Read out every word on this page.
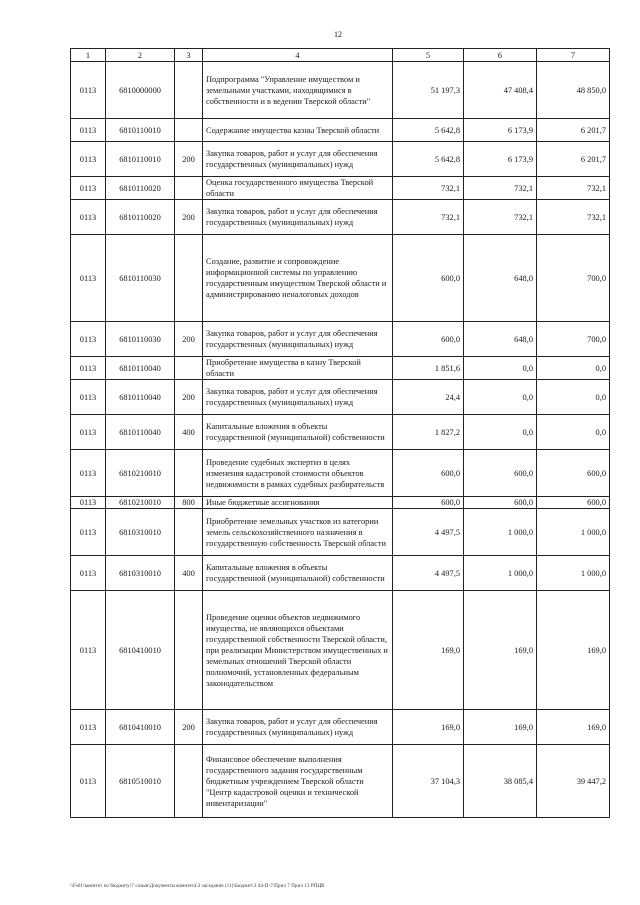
12
1	2	3	4	5	6	7
0113	6810000000		Подпрограмма "Управление имуществом и земельными участками, находящимися в собственности и в ведении Тверской области"	51 197,3	47 408,4	48 850,0
0113	6810110010		Содержание имущества казны Тверской области	5 642,8	6 173,9	6 201,7
0113	6810110010	200	Закупка товаров, работ и услуг для обеспечения государственных (муниципальных) нужд	5 642,8	6 173,9	6 201,7
0113	6810110020		Оценка государственного имущества Тверской области	732,1	732,1	732,1
0113	6810110020	200	Закупка товаров, работ и услуг для обеспечения государственных (муниципальных) нужд	732,1	732,1	732,1
0113	6810110030		Создание, развитие и сопровождение информационной системы по управлению государственным имуществом Тверской области и администрированию неналоговых доходов	600,0	648,0	700,0
0113	6810110030	200	Закупка товаров, работ и услуг для обеспечения государственных (муниципальных) нужд	600,0	648,0	700,0
0113	6810110040		Приобретение имущества в казну Тверской области	1 851,6	0,0	0,0
0113	6810110040	200	Закупка товаров, работ и услуг для обеспечения государственных (муниципальных) нужд	24,4	0,0	0,0
0113	6810110040	400	Капитальные вложения в объекты государственной (муниципальной) собственности	1 827,2	0,0	0,0
0113	6810210010		Проведение судебных экспертиз в целях изменения кадастровой стоимости объектов недвижимости в рамках судебных разбирательств	600,0	600,0	600,0
0113	6810210010	800	Иные бюджетные ассигнования	600,0	600,0	600,0
0113	6810310010		Приобретение земельных участков из категории земель сельскохозяйственного назначения в государственную собственность Тверской области	4 497,5	1 000,0	1 000,0
0113	6810310010	400	Капитальные вложения в объекты государственной (муниципальной) собственности	4 497,5	1 000,0	1 000,0
0113	6810410010		Проведение оценки объектов недвижимого имущества, не являющихся объектами государственной собственности Тверской области, при реализации Министерством имущественных и земельных отношений Тверской области полномочий, установленных федеральным законодательством	169,0	169,0	169,0
0113	6810410010	200	Закупка товаров, работ и услуг для обеспечения государственных (муниципальных) нужд	169,0	169,0	169,0
0113	6810510010		Финансовое обеспечение выполнения государственного задания государственным бюджетным учреждением Тверской области "Центр кадастровой оценки и технической инвентаризации"	37 104,3	38 085,4	39 447,2
\\Fs01\комитет по бюджету\7 созыв\Документы комитета\3 заседание (11)\Бюджет\3 44-П-7\Прил 7 Прил 13 РПЦВ
